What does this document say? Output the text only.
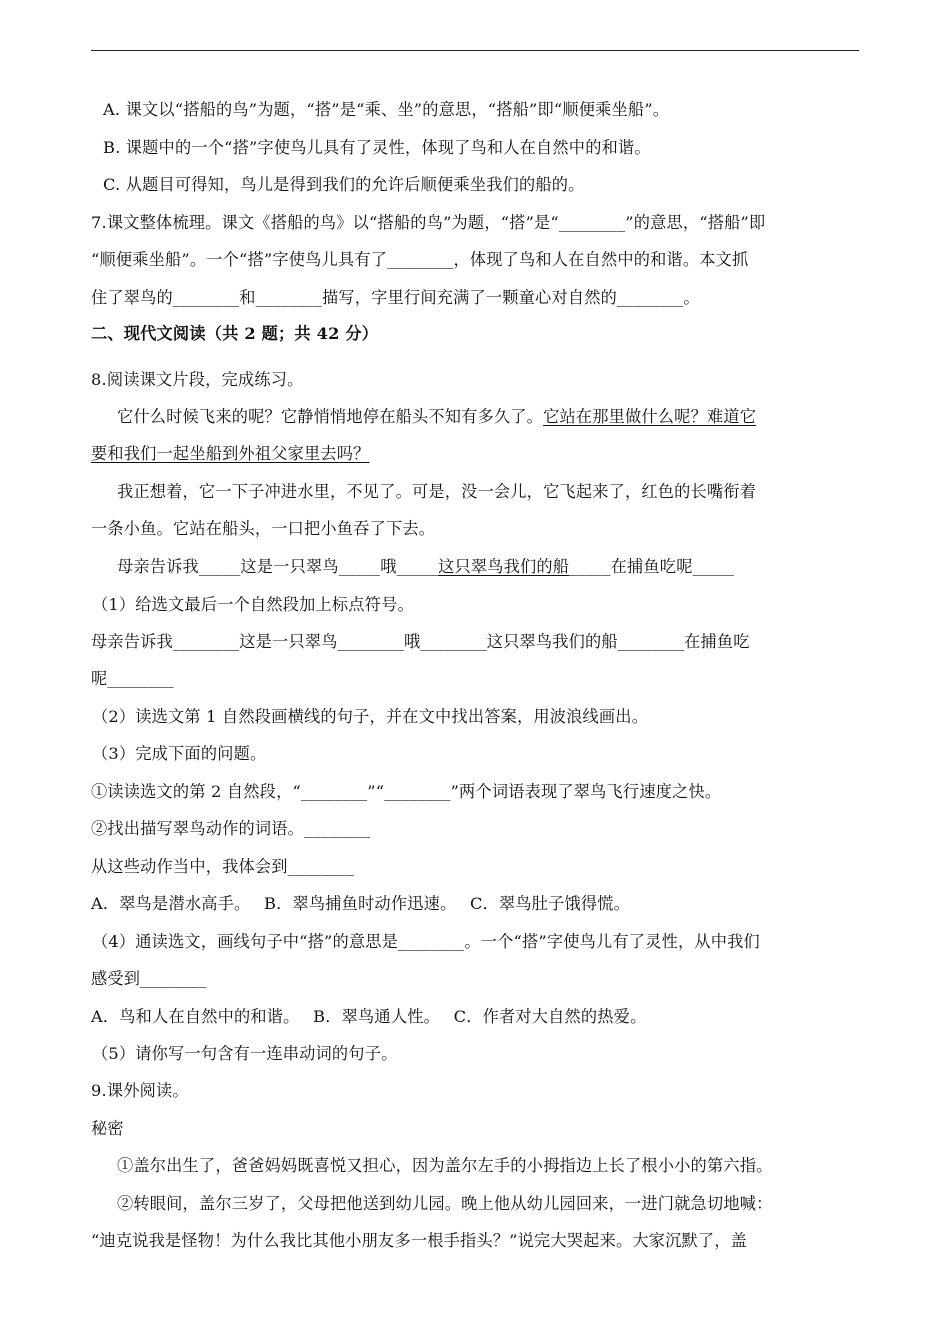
A. 课文以“搭船的鸟”为题，“搭”是“乘、坐”的意思，“搭船”即“顺便乘坐船”。
B. 课题中的一个“搭”字使鸟儿具有了灵性，体现了鸟和人在自然中的和谐。
C. 从题目可得知，鸟儿是得到我们的允许后顺便乘坐我们的船的。
7.课文整体梳理。课文《搭船的鸟》以“搭船的鸟”为题，“搭”是“________”的意思，“搭船”即
“顺便乘坐船”。一个“搭”字使鸟儿具有了________，体现了鸟和人在自然中的和谐。本文抓
住了翠鸟的________和________描写，字里行间充满了一颗童心对自然的________。
二、现代文阅读（共 2 题；共 42 分）
8.阅读课文片段，完成练习。
它什么时候飞来的呢？它静悄悄地停在船头不知有多久了。它站在那里做什么呢？难道它
要和我们一起坐船到外祖父家里去吗？
我正想着，它一下子冲进水里，不见了。可是，没一会儿，它飞起来了，红色的长嘴衔着
一条小鱼。它站在船头，一口把小鱼吞了下去。
母亲告诉我_____这是一只翠鸟_____哦_____这只翠鸟我们的船_____在捕鱼吃呢_____
（1）给选文最后一个自然段加上标点符号。
母亲告诉我________这是一只翠鸟________哦________这只翠鸟我们的船________在捕鱼吃
呢________
（2）读选文第 1 自然段画横线的句子，并在文中找出答案，用波浪线画出。
（3）完成下面的问题。
①读读选文的第 2 自然段，“________”“________”两个词语表现了翠鸟飞行速度之快。
②找出描写翠鸟动作的词语。________
从这些动作当中，我体会到________
A．翠鸟是潜水高手。　 B．翠鸟捕鱼时动作迅速。　 C．翠鸟肚子饿得慌。
（4）通读选文，画线句子中“搭”的意思是________。一个“搭”字使鸟儿有了灵性，从中我们
感受到________
A．鸟和人在自然中的和谐。　 B．翠鸟通人性。　 C．作者对大自然的热爱。
（5）请你写一句含有一连串动词的句子。
9.课外阅读。
秘密
①盖尔出生了，爸爸妈妈既喜悦又担心，因为盖尔左手的小拇指边上长了根小小的第六指。
②转眼间，盖尔三岁了，父母把他送到幼儿园。晚上他从幼儿园回来，一进门就急切地喊：
“迪克说我是怪物！为什么我比其他小朋友多一根手指头？”说完大哭起来。大家沉默了，盖
